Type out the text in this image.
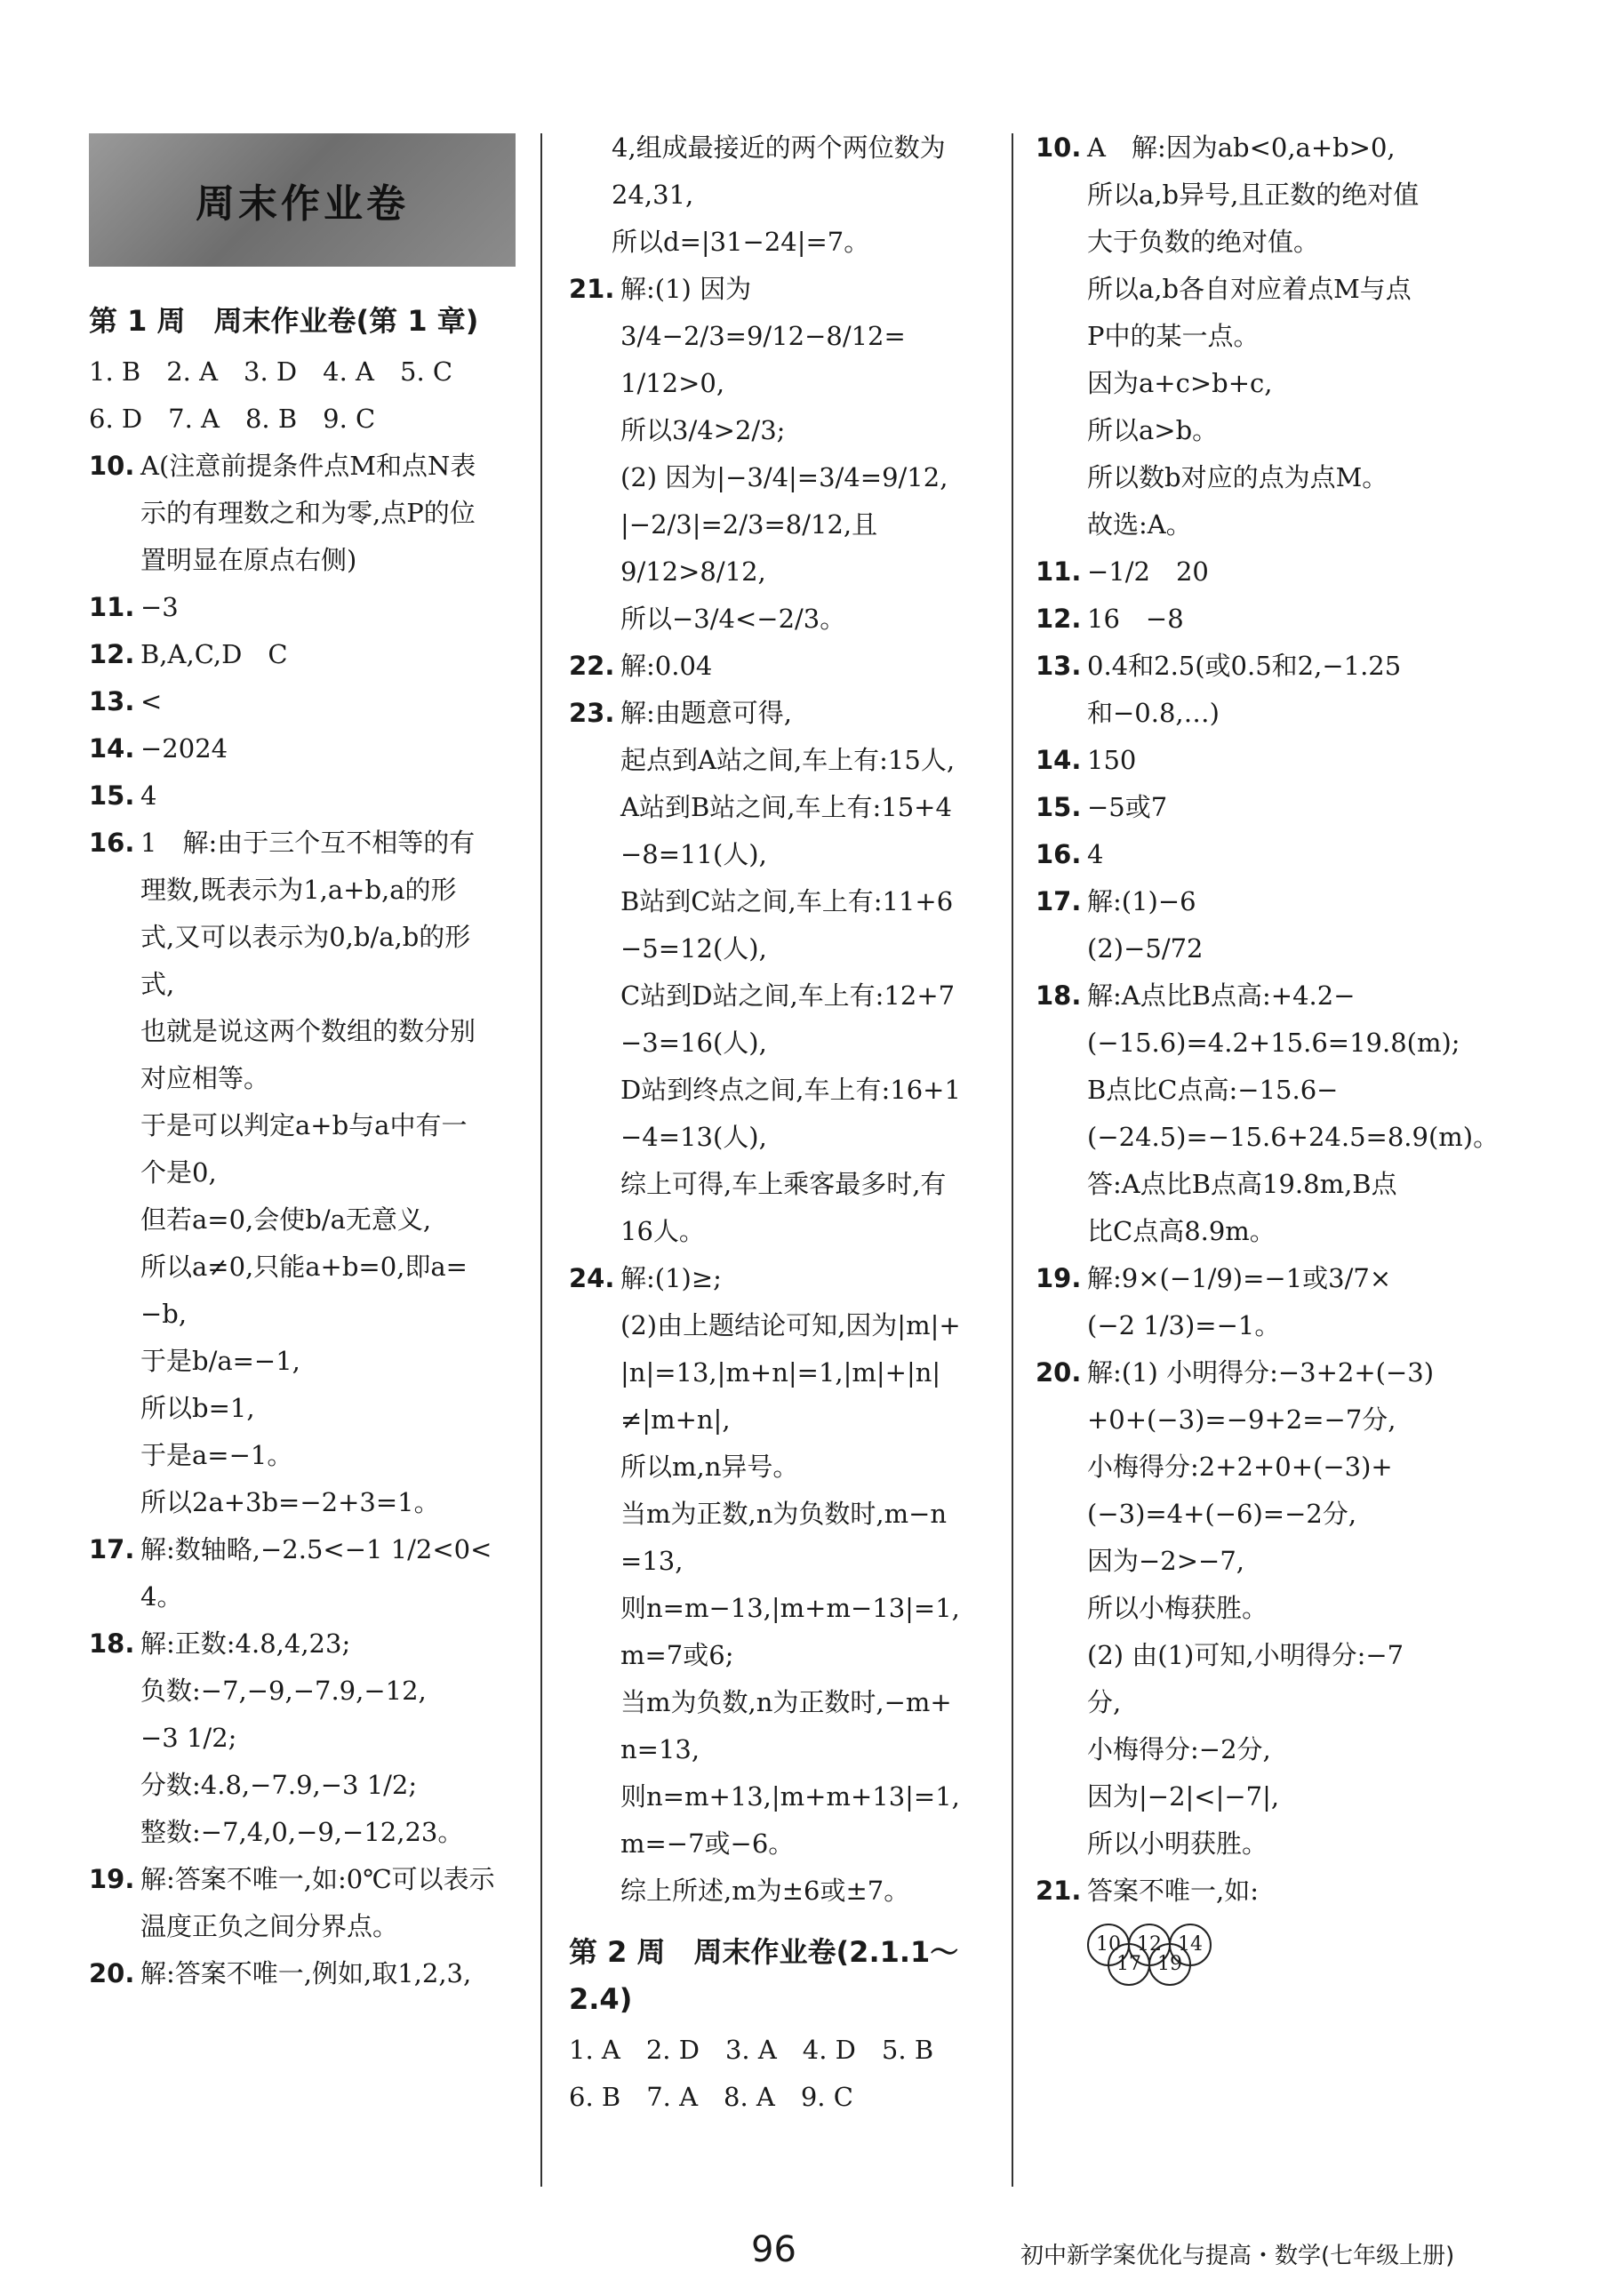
周末作业卷
第 1 周　周末作业卷(第 1 章)
1. B　2. A　3. D　4. A　5. C
6. D　7. A　8. B　9. C
10. A(注意前提条件点M和点N表
示的有理数之和为零,点P的位
置明显在原点右侧)
11. −3
12. B,A,C,D　C
13. <
14. −2024
15. 4
16. 1　解:由于三个互不相等的有
理数,既表示为1,a+b,a的形
式,又可以表示为0,b/a,b的形
式,
也就是说这两个数组的数分别
对应相等。
于是可以判定a+b与a中有一
个是0,
但若a=0,会使b/a无意义,
所以a≠0,只能a+b=0,即a=
−b,
于是b/a=−1,
所以b=1,
于是a=−1。
所以2a+3b=−2+3=1。
17. 解:数轴略,−2.5<−1 1/2<0<
4。
18. 解:正数:4.8,4,23;
负数:−7,−9,−7.9,−12,
−3 1/2;
分数:4.8,−7.9,−3 1/2;
整数:−7,4,0,−9,−12,23。
19. 解:答案不唯一,如:0℃可以表示
温度正负之间分界点。
20. 解:答案不唯一,例如,取1,2,3,
4,组成最接近的两个两位数为
24,31,
所以d=|31−24|=7。
21. 解:(1) 因为3/4−2/3=9/12−8/12=
1/12>0,
所以3/4>2/3;
(2) 因为|−3/4|=3/4=9/12,
|−2/3|=2/3=8/12,且9/12>8/12,
所以−3/4<−2/3。
22. 解:0.04
23. 解:由题意可得,
起点到A站之间,车上有:15人,
A站到B站之间,车上有:15+4
−8=11(人),
B站到C站之间,车上有:11+6
−5=12(人),
C站到D站之间,车上有:12+7
−3=16(人),
D站到终点之间,车上有:16+1
−4=13(人),
综上可得,车上乘客最多时,有
16人。
24. 解:(1)≥;
(2)由上题结论可知,因为|m|+
|n|=13,|m+n|=1,|m|+|n|
≠|m+n|,
所以m,n异号。
当m为正数,n为负数时,m−n
=13,
则n=m−13,|m+m−13|=1,
m=7或6;
当m为负数,n为正数时,−m+
n=13,
则n=m+13,|m+m+13|=1,
m=−7或−6。
综上所述,m为±6或±7。
第 2 周　周末作业卷(2.1.1～2.4)
1. A　2. D　3. A　4. D　5. B
6. B　7. A　8. A　9. C
10. A　解:因为ab<0,a+b>0,
所以a,b异号,且正数的绝对值
大于负数的绝对值。
所以a,b各自对应着点M与点
P中的某一点。
因为a+c>b+c,
所以a>b。
所以数b对应的点为点M。
故选:A。
11. −1/2　20
12. 16　−8
13. 0.4和2.5(或0.5和2,−1.25
和−0.8,…)
14. 150
15. −5或7
16. 4
17. 解:(1)−6
(2)−5/72
18. 解:A点比B点高:+4.2−
(−15.6)=4.2+15.6=19.8(m);
B点比C点高:−15.6−
(−24.5)=−15.6+24.5=8.9(m)。
答:A点比B点高19.8m,B点
比C点高8.9m。
19. 解:9×(−1/9)=−1或3/7×
(−2 1/3)=−1。
20. 解:(1) 小明得分:−3+2+(−3)
+0+(−3)=−9+2=−7分,
小梅得分:2+2+0+(−3)+
(−3)=4+(−6)=−2分,
因为−2>−7,
所以小梅获胜。
(2) 由(1)可知,小明得分:−7
分,
小梅得分:−2分,
因为|−2|<|−7|,
所以小明获胜。
21. 答案不唯一,如:
10 12 14
17 19
96	初中新学案优化与提高・数学(七年级上册)
